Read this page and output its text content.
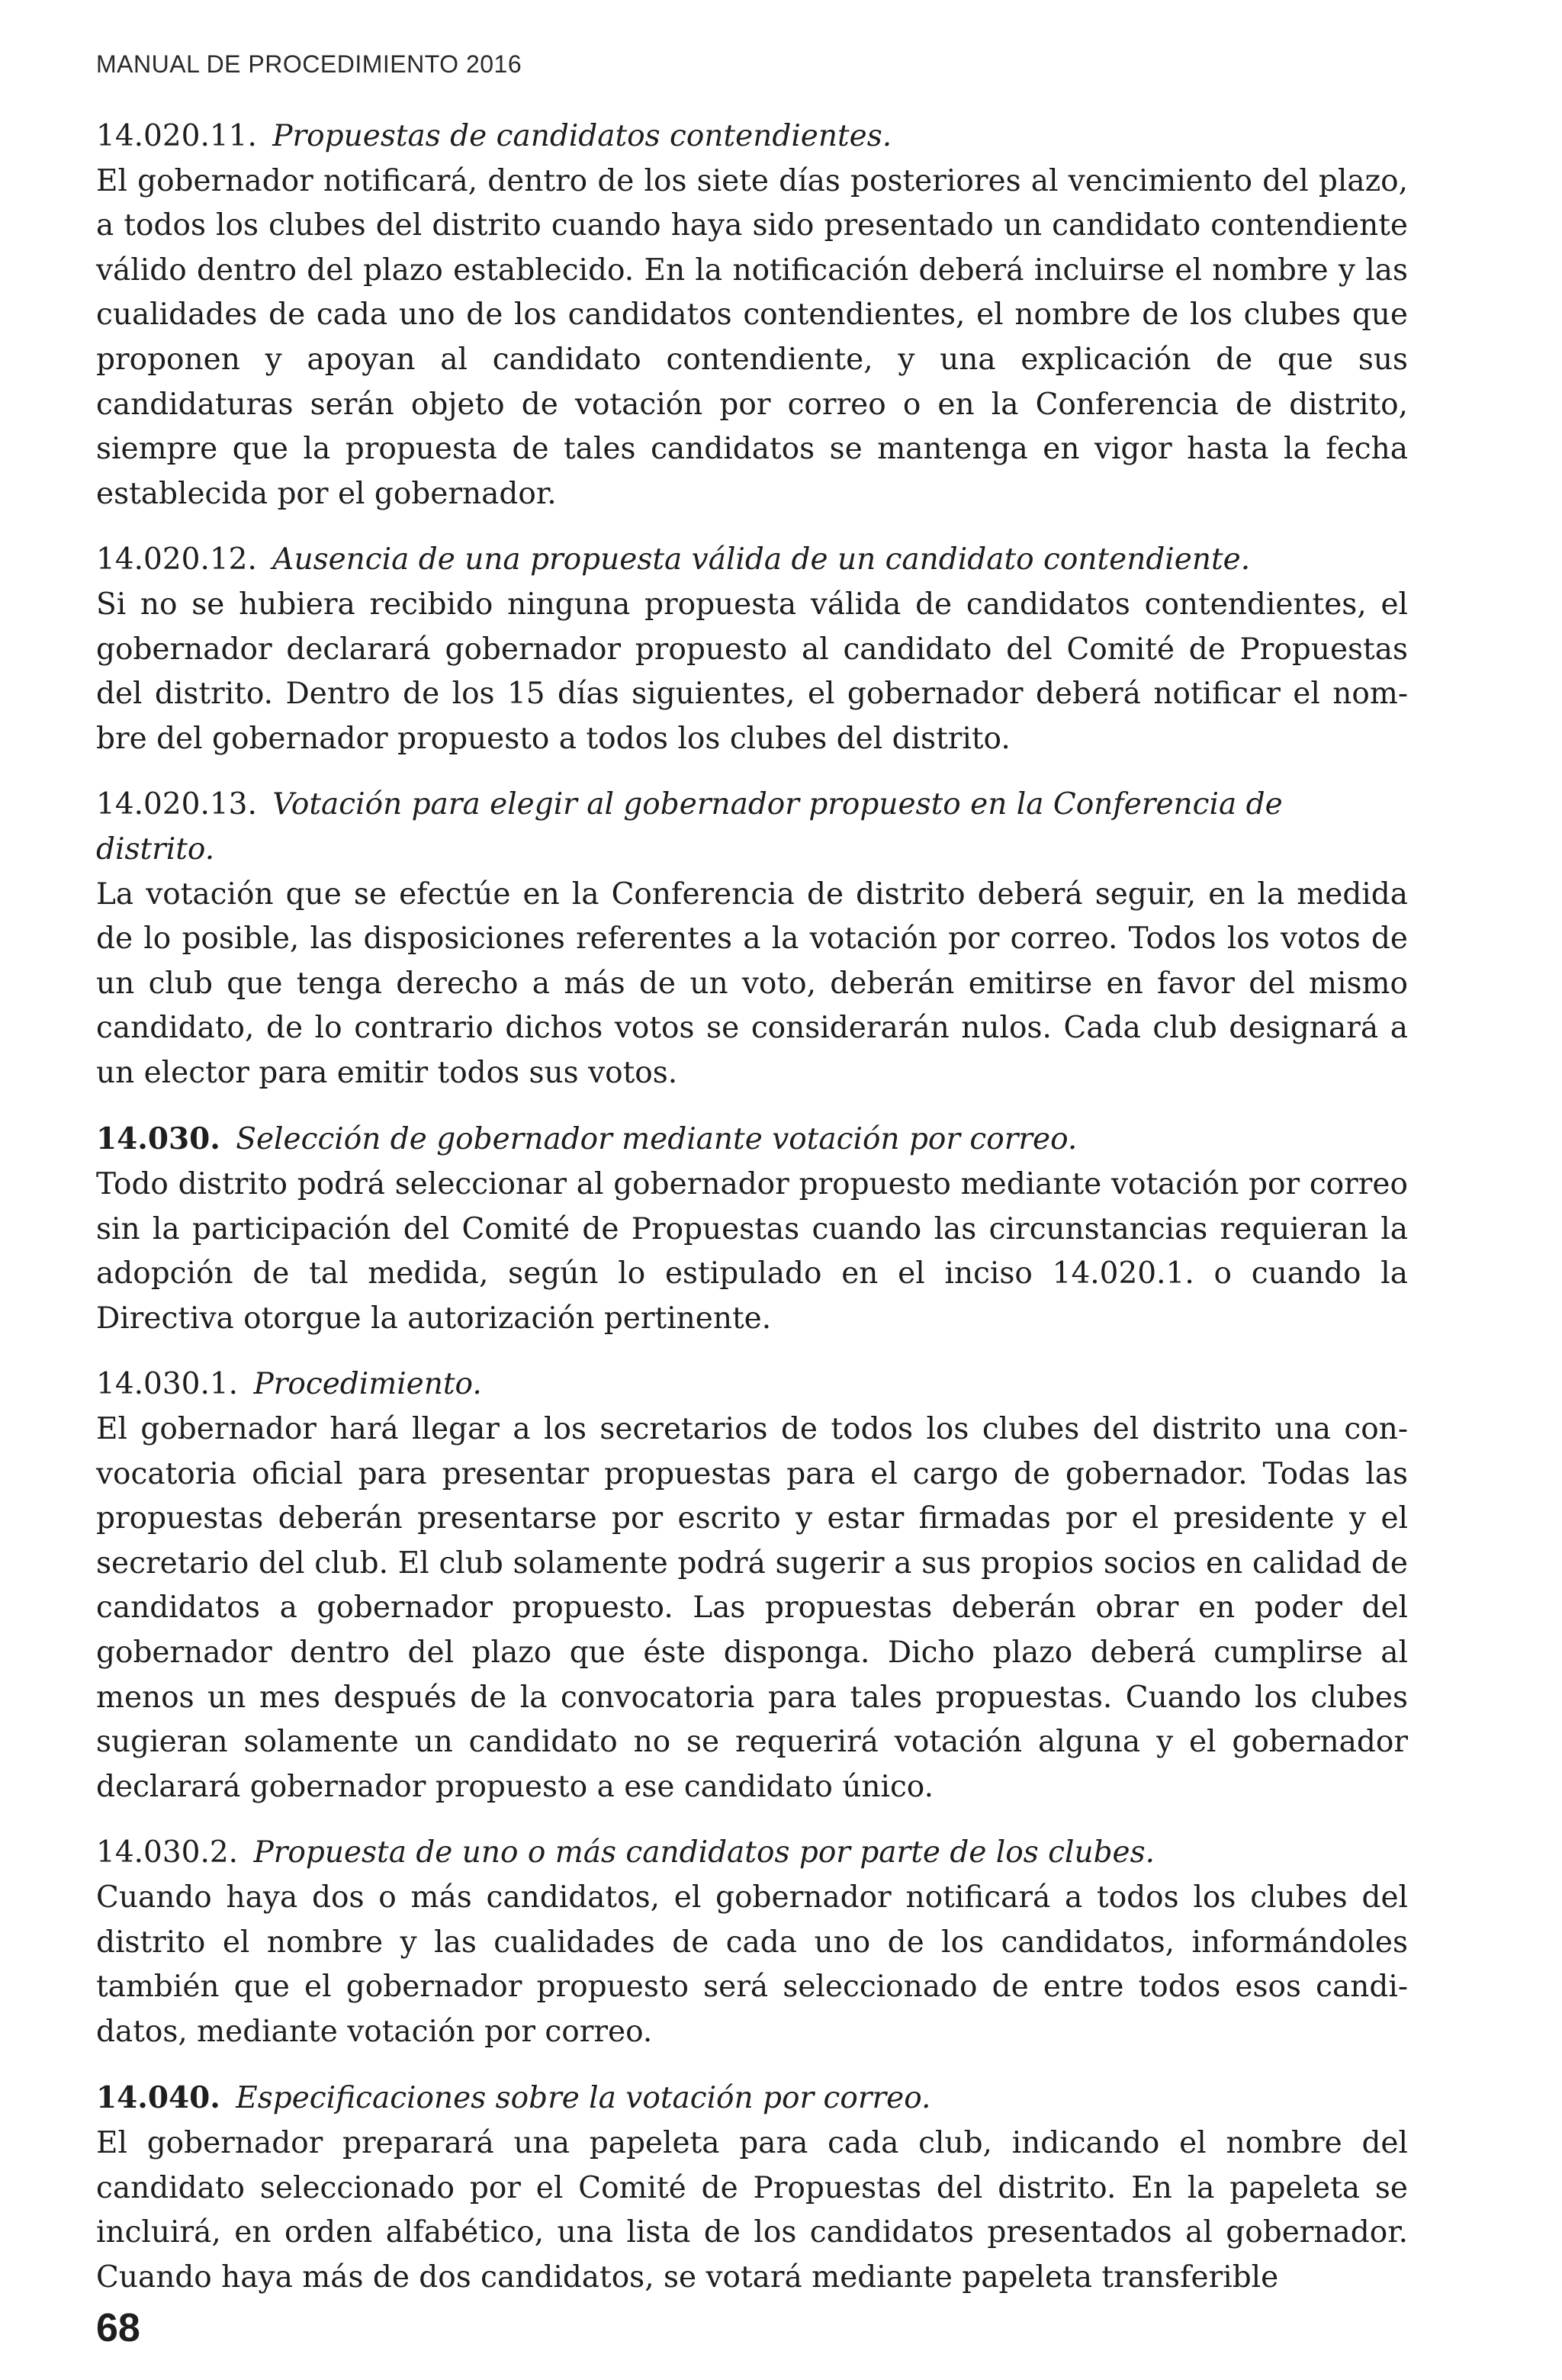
MANUAL DE PROCEDIMIENTO 2016

14.020.11. Propuestas de candidatos contendientes.

El gobernador notificará, dentro de los siete días posteriores al vencimiento del plazo, a todos los clubes del distrito cuando haya sido presentado un candidato contendiente válido dentro del plazo establecido. En la notificación deberá incluirse el nombre y las cualidades de cada uno de los candidatos contendientes, el nombre de los clubes que proponen y apoyan al candidato contendiente, y una explicación de que sus candidaturas serán objeto de votación por correo o en la Conferencia de distrito, siempre que la propuesta de tales candidatos se mantenga en vigor hasta la fecha establecida por el gobernador.

14.020.12. Ausencia de una propuesta válida de un candidato contendiente.

Si no se hubiera recibido ninguna propuesta válida de candidatos contendientes, el gobernador declarará gobernador propuesto al candidato del Comité de Propuestas del distrito. Dentro de los 15 días siguientes, el gobernador deberá notificar el nombre del gobernador propuesto a todos los clubes del distrito.

14.020.13. Votación para elegir al gobernador propuesto en la Conferencia de distrito.

La votación que se efectúe en la Conferencia de distrito deberá seguir, en la medida de lo posible, las disposiciones referentes a la votación por correo. Todos los votos de un club que tenga derecho a más de un voto, deberán emitirse en favor del mismo candidato, de lo contrario dichos votos se considerarán nulos. Cada club designará a un elector para emitir todos sus votos.

14.030. Selección de gobernador mediante votación por correo.

Todo distrito podrá seleccionar al gobernador propuesto mediante votación por correo sin la participación del Comité de Propuestas cuando las circunstancias requieran la adopción de tal medida, según lo estipulado en el inciso 14.020.1. o cuando la Directiva otorgue la autorización pertinente.

14.030.1. Procedimiento.

El gobernador hará llegar a los secretarios de todos los clubes del distrito una convocatoria oficial para presentar propuestas para el cargo de gobernador. Todas las propuestas deberán presentarse por escrito y estar firmadas por el presidente y el secretario del club. El club solamente podrá sugerir a sus propios socios en calidad de candidatos a gobernador propuesto. Las propuestas deberán obrar en poder del gobernador dentro del plazo que éste disponga. Dicho plazo deberá cumplirse al menos un mes después de la convocatoria para tales propuestas. Cuando los clubes sugieran solamente un candidato no se requerirá votación alguna y el gobernador declarará gobernador propuesto a ese candidato único.

14.030.2. Propuesta de uno o más candidatos por parte de los clubes.

Cuando haya dos o más candidatos, el gobernador notificará a todos los clubes del distrito el nombre y las cualidades de cada uno de los candidatos, informándoles también que el gobernador propuesto será seleccionado de entre todos esos candidatos, mediante votación por correo.

14.040. Especificaciones sobre la votación por correo.

El gobernador preparará una papeleta para cada club, indicando el nombre del candidato seleccionado por el Comité de Propuestas del distrito. En la papeleta se incluirá, en orden alfabético, una lista de los candidatos presentados al gobernador. Cuando haya más de dos candidatos, se votará mediante papeleta transferible

68
